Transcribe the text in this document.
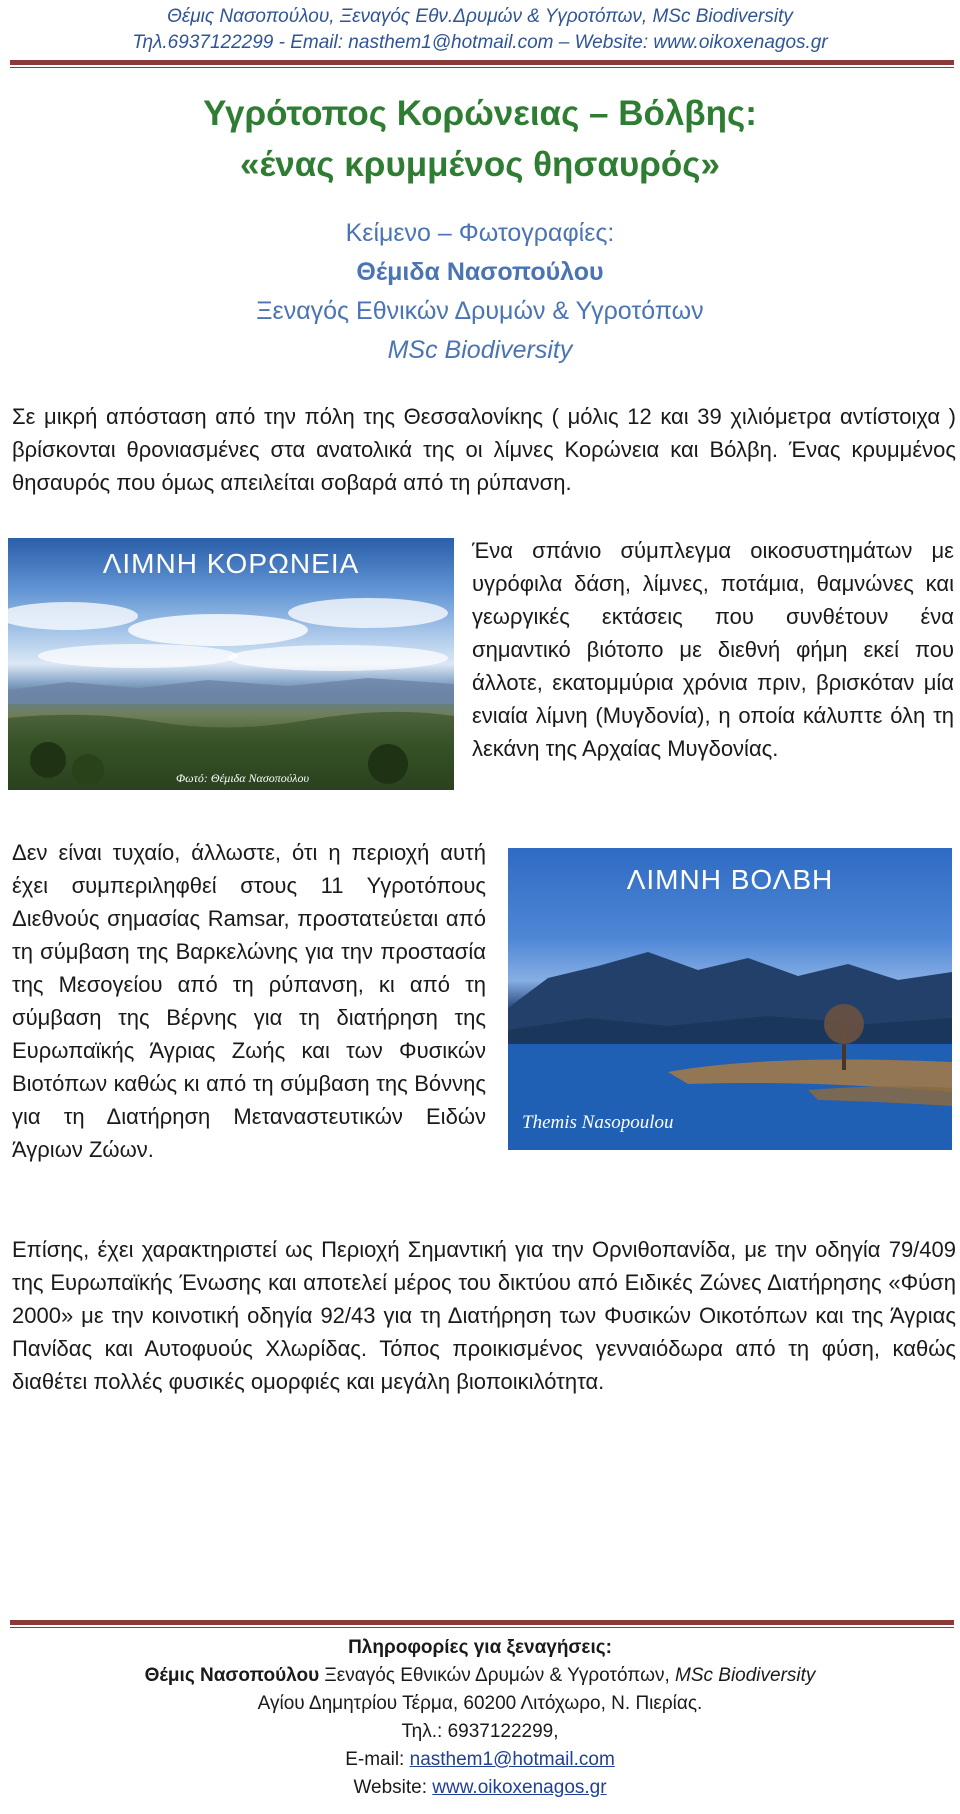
Θέμις Νασοπούλου, Ξεναγός Εθν.Δρυμών & Υγροτόπων, MSc Biodiversity
Τηλ.6937122299 - Email: nasthem1@hotmail.com – Website: www.oikoxenagos.gr
Υγρότοπος Κορώνειας – Βόλβης:
«ένας κρυμμένος θησαυρός»
Κείμενο – Φωτογραφίες:
Θέμιδα Νασοπούλου
Ξεναγός Εθνικών Δρυμών & Υγροτόπων
MSc Biodiversity
Σε μικρή απόσταση από την πόλη της Θεσσαλονίκης ( μόλις 12 και 39 χιλιόμετρα αντίστοιχα ) βρίσκονται θρονιασμένες στα ανατολικά της οι λίμνες Κορώνεια και Βόλβη. Ένας κρυμμένος θησαυρός που όμως απειλείται σοβαρά από τη ρύπανση.
ΛΙΜΝΗ ΚΟΡΩΝΕΙΑ
Φωτό: Θέμιδα Νασοπούλου
Ένα σπάνιο σύμπλεγμα οικοσυστημάτων με υγρόφιλα δάση, λίμνες, ποτάμια, θαμνώνες και γεωργικές εκτάσεις που συνθέτουν ένα σημαντικό βιότοπο με διεθνή φήμη εκεί που άλλοτε, εκατομμύρια χρόνια πριν, βρισκόταν μία ενιαία λίμνη (Μυγδονία), η οποία κάλυπτε όλη τη λεκάνη της Αρχαίας Μυγδονίας.
Δεν είναι τυχαίο, άλλωστε, ότι η περιοχή αυτή έχει συμπεριληφθεί στους 11 Υγροτόπους Διεθνούς σημασίας Ramsar, προστατεύεται από τη σύμβαση της Βαρκελώνης για την προστασία της Μεσογείου από τη ρύπανση, κι από τη σύμβαση της Βέρνης για τη διατήρηση της Ευρωπαϊκής Άγριας Ζωής και των Φυσικών Βιοτόπων καθώς κι από τη σύμβαση της Βόννης για τη Διατήρηση Μεταναστευτικών Ειδών Άγριων Ζώων.
ΛΙΜΝΗ ΒΟΛΒΗ
Themis Nasopoulou
Επίσης, έχει χαρακτηριστεί ως Περιοχή Σημαντική για την Ορνιθοπανίδα, με την οδηγία 79/409 της Ευρωπαϊκής Ένωσης και αποτελεί μέρος του δικτύου από Ειδικές Ζώνες Διατήρησης «Φύση 2000» με την κοινοτική οδηγία 92/43 για τη Διατήρηση των Φυσικών Οικοτόπων και της Άγριας Πανίδας και Αυτοφυούς Χλωρίδας. Τόπος προικισμένος γενναιόδωρα από τη φύση, καθώς διαθέτει πολλές φυσικές ομορφιές και μεγάλη βιοποικιλότητα.
Πληροφορίες για ξεναγήσεις:
Θέμις Νασοπούλου Ξεναγός Εθνικών Δρυμών & Υγροτόπων, MSc Biodiversity
Αγίου Δημητρίου Τέρμα, 60200 Λιτόχωρο, Ν. Πιερίας.
Τηλ.: 6937122299,
E-mail: nasthem1@hotmail.com
Website: www.oikoxenagos.gr
